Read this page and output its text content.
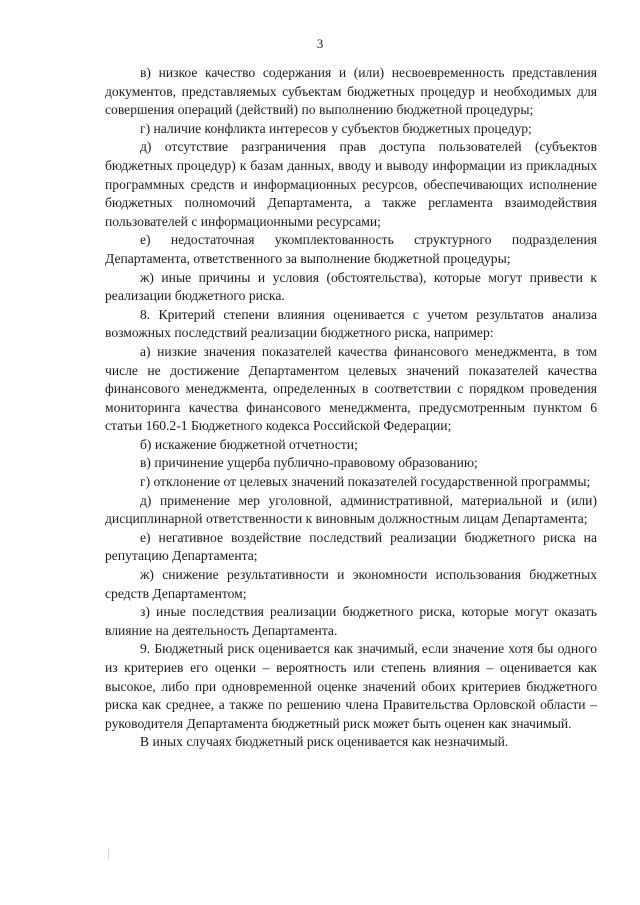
3

в) низкое качество содержания и (или) несвоевременность представления документов, представляемых субъектам бюджетных процедур и необходимых для совершения операций (действий) по выполнению бюджетной процедуры;

г) наличие конфликта интересов у субъектов бюджетных процедур;

д) отсутствие разграничения прав доступа пользователей (субъектов бюджетных процедур) к базам данных, вводу и выводу информации из прикладных программных средств и информационных ресурсов, обеспечивающих исполнение бюджетных полномочий Департамента, а также регламента взаимодействия пользователей с информационными ресурсами;

е) недостаточная укомплектованность структурного подразделения Департамента, ответственного за выполнение бюджетной процедуры;

ж) иные причины и условия (обстоятельства), которые могут привести к реализации бюджетного риска.

8. Критерий степени влияния оценивается с учетом результатов анализа возможных последствий реализации бюджетного риска, например:

а) низкие значения показателей качества финансового менеджмента, в том числе не достижение Департаментом целевых значений показателей качества финансового менеджмента, определенных в соответствии с порядком проведения мониторинга качества финансового менеджмента, предусмотренным пунктом 6 статьи 160.2-1 Бюджетного кодекса Российской Федерации;

б) искажение бюджетной отчетности;

в) причинение ущерба публично-правовому образованию;

г) отклонение от целевых значений показателей государственной программы;

д) применение мер уголовной, административной, материальной и (или) дисциплинарной ответственности к виновным должностным лицам Департамента;

е) негативное воздействие последствий реализации бюджетного риска на репутацию Департамента;

ж) снижение результативности и экономности использования бюджетных средств Департаментом;

з) иные последствия реализации бюджетного риска, которые могут оказать влияние на деятельность Департамента.

9. Бюджетный риск оценивается как значимый, если значение хотя бы одного из критериев его оценки – вероятность или степень влияния – оценивается как высокое, либо при одновременной оценке значений обоих критериев бюджетного риска как среднее, а также по решению члена Правительства Орловской области – руководителя Департамента бюджетный риск может быть оценен как значимый.

В иных случаях бюджетный риск оценивается как незначимый.
